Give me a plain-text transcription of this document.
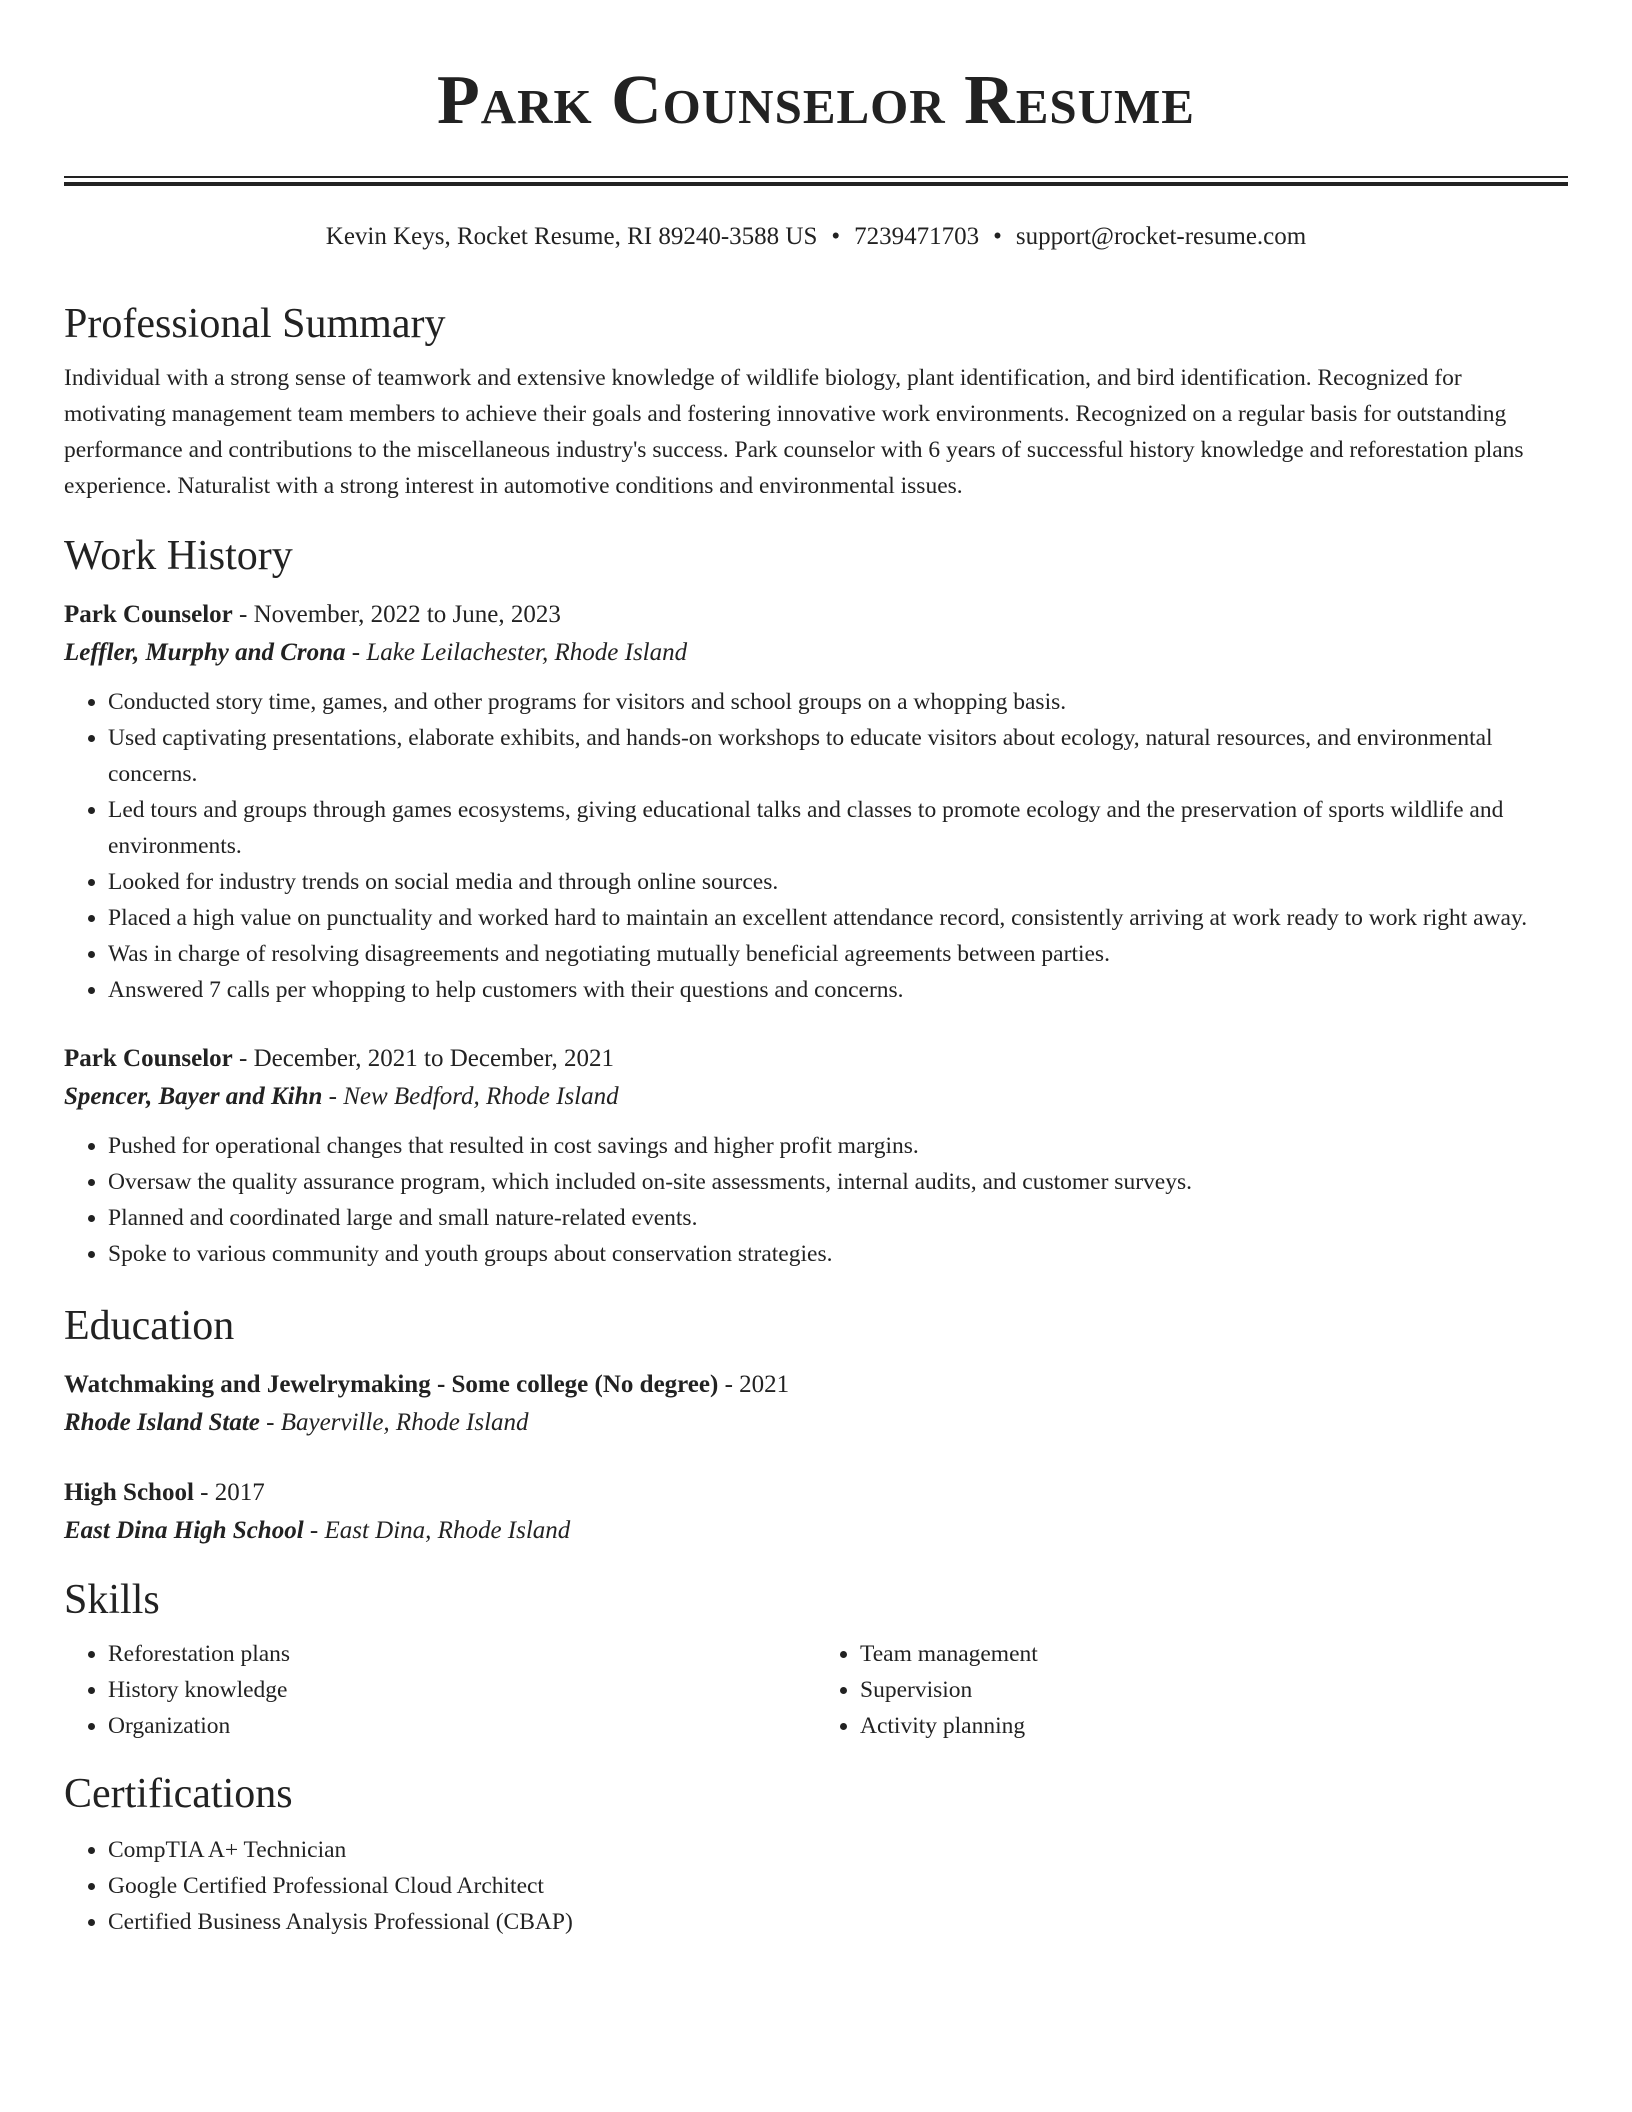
Park Counselor Resume
Kevin Keys, Rocket Resume, RI 89240-3588 US • 7239471703 • support@rocket-resume.com
Professional Summary

Individual with a strong sense of teamwork and extensive knowledge of wildlife biology, plant identification, and bird identification. Recognized for motivating management team members to achieve their goals and fostering innovative work environments. Recognized on a regular basis for outstanding performance and contributions to the miscellaneous industry's success. Park counselor with 6 years of successful history knowledge and reforestation plans experience. Naturalist with a strong interest in automotive conditions and environmental issues.

Work History
Park Counselor - November, 2022 to June, 2023
Leffler, Murphy and Crona - Lake Leilachester, Rhode Island
• Conducted story time, games, and other programs for visitors and school groups on a whopping basis.
• Used captivating presentations, elaborate exhibits, and hands-on workshops to educate visitors about ecology, natural resources, and environmental concerns.
• Led tours and groups through games ecosystems, giving educational talks and classes to promote ecology and the preservation of sports wildlife and environments.
• Looked for industry trends on social media and through online sources.
• Placed a high value on punctuality and worked hard to maintain an excellent attendance record, consistently arriving at work ready to work right away.
• Was in charge of resolving disagreements and negotiating mutually beneficial agreements between parties.
• Answered 7 calls per whopping to help customers with their questions and concerns.
Park Counselor - December, 2021 to December, 2021
Spencer, Bayer and Kihn - New Bedford, Rhode Island
• Pushed for operational changes that resulted in cost savings and higher profit margins.
• Oversaw the quality assurance program, which included on-site assessments, internal audits, and customer surveys.
• Planned and coordinated large and small nature-related events.
• Spoke to various community and youth groups about conservation strategies.
Education
Watchmaking and Jewelrymaking - Some college (No degree) - 2021
Rhode Island State - Bayerville, Rhode Island
High School - 2017
East Dina High School - East Dina, Rhode Island
Skills
• Reforestation plans
• History knowledge
• Organization
• Team management
• Supervision
• Activity planning
Certifications
• CompTIA A+ Technician
• Google Certified Professional Cloud Architect
• Certified Business Analysis Professional (CBAP)
